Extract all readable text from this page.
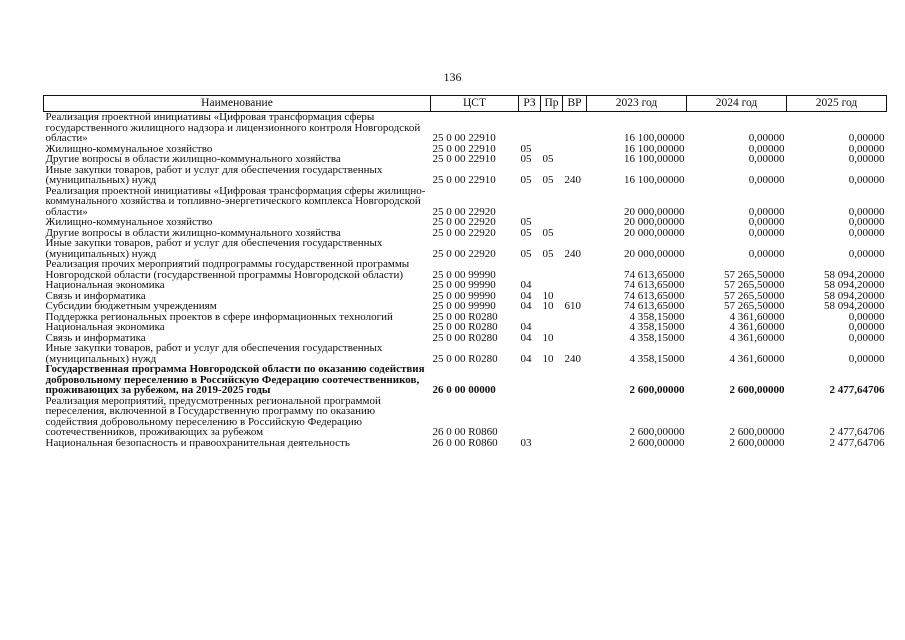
136
Наименование	ЦСТ	РЗ	Пр	ВР	2023 год	2024 год	2025 год
Реализация проектной инициативы «Цифровая трансформация сферы государственного жилищного надзора и лицензионного контроля Новгородской области»	25 0 00 22910				16 100,00000	0,00000	0,00000
Жилищно-коммунальное хозяйство	25 0 00 22910	05			16 100,00000	0,00000	0,00000
Другие вопросы в области жилищно-коммунального хозяйства	25 0 00 22910	05	05		16 100,00000	0,00000	0,00000
Иные закупки товаров, работ и услуг для обеспечения государственных (муниципальных) нужд	25 0 00 22910	05	05	240	16 100,00000	0,00000	0,00000
Реализация проектной инициативы «Цифровая трансформация сферы жилищно-коммунального хозяйства и топливно-энергетического комплекса Новгородской области»	25 0 00 22920				20 000,00000	0,00000	0,00000
Жилищно-коммунальное хозяйство	25 0 00 22920	05			20 000,00000	0,00000	0,00000
Другие вопросы в области жилищно-коммунального хозяйства	25 0 00 22920	05	05		20 000,00000	0,00000	0,00000
Иные закупки товаров, работ и услуг для обеспечения государственных (муниципальных) нужд	25 0 00 22920	05	05	240	20 000,00000	0,00000	0,00000
Реализация прочих мероприятий подпрограммы государственной программы Новгородской области (государственной программы Новгородской области)	25 0 00 99990				74 613,65000	57 265,50000	58 094,20000
Национальная экономика	25 0 00 99990	04			74 613,65000	57 265,50000	58 094,20000
Связь и информатика	25 0 00 99990	04	10		74 613,65000	57 265,50000	58 094,20000
Субсидии бюджетным учреждениям	25 0 00 99990	04	10	610	74 613,65000	57 265,50000	58 094,20000
Поддержка региональных проектов в сфере информационных технологий	25 0 00 R0280				4 358,15000	4 361,60000	0,00000
Национальная экономика	25 0 00 R0280	04			4 358,15000	4 361,60000	0,00000
Связь и информатика	25 0 00 R0280	04	10		4 358,15000	4 361,60000	0,00000
Иные закупки товаров, работ и услуг для обеспечения государственных (муниципальных) нужд	25 0 00 R0280	04	10	240	4 358,15000	4 361,60000	0,00000
Государственная программа Новгородской области по оказанию содействия добровольному переселению в Российскую Федерацию соотечественников, проживающих за рубежом, на 2019-2025 годы	26 0 00 00000				2 600,00000	2 600,00000	2 477,64706
Реализация мероприятий, предусмотренных региональной программой переселения, включенной в Государственную программу по оказанию содействия добровольному переселению в Российскую Федерацию соотечественников, проживающих за рубежом	26 0 00 R0860				2 600,00000	2 600,00000	2 477,64706
Национальная безопасность и правоохранительная деятельность	26 0 00 R0860	03			2 600,00000	2 600,00000	2 477,64706
